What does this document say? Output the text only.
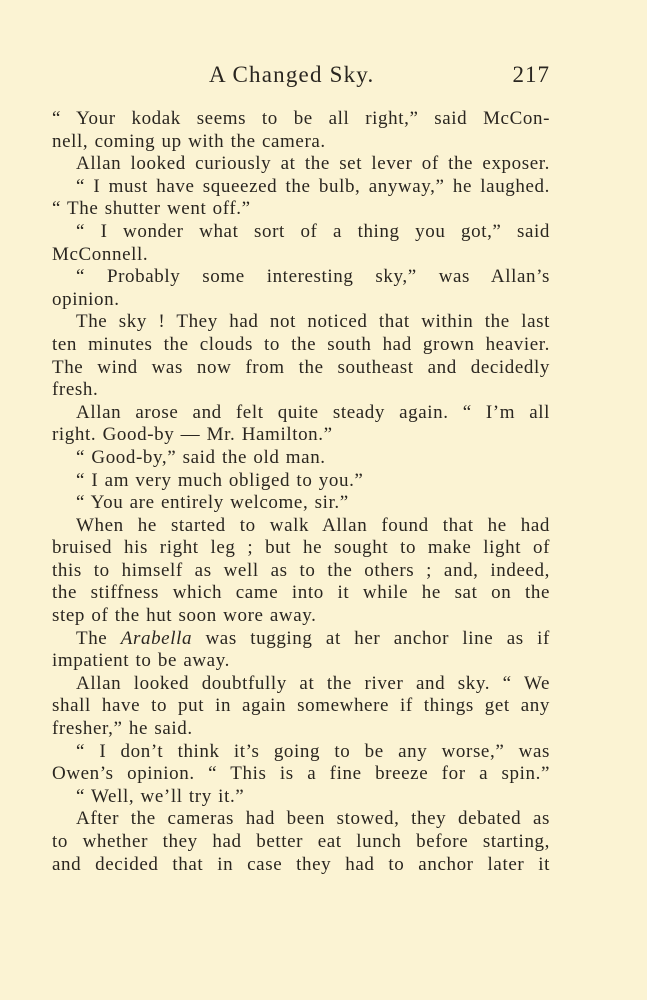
A Changed Sky.	217
“ Your kodak seems to be all right,” said McCon-
nell, coming up with the camera.
Allan looked curiously at the set lever of the exposer.
“ I must have squeezed the bulb, anyway,” he laughed.
“ The shutter went off.”
“ I wonder what sort of a thing you got,” said
McConnell.
“ Probably some interesting sky,” was Allan’s
opinion.
The sky ! They had not noticed that within the last
ten minutes the clouds to the south had grown heavier.
The wind was now from the southeast and decidedly
fresh.
Allan arose and felt quite steady again. “ I’m all
right. Good-by — Mr. Hamilton.”
“ Good-by,” said the old man.
“ I am very much obliged to you.”
“ You are entirely welcome, sir.”
When he started to walk Allan found that he had
bruised his right leg ; but he sought to make light of
this to himself as well as to the others ; and, indeed,
the stiffness which came into it while he sat on the
step of the hut soon wore away.
The Arabella was tugging at her anchor line as if
impatient to be away.
Allan looked doubtfully at the river and sky. “ We
shall have to put in again somewhere if things get any
fresher,” he said.
“ I don’t think it’s going to be any worse,” was
Owen’s opinion. “ This is a fine breeze for a spin.”
“ Well, we’ll try it.”
After the cameras had been stowed, they debated as
to whether they had better eat lunch before starting,
and decided that in case they had to anchor later it
